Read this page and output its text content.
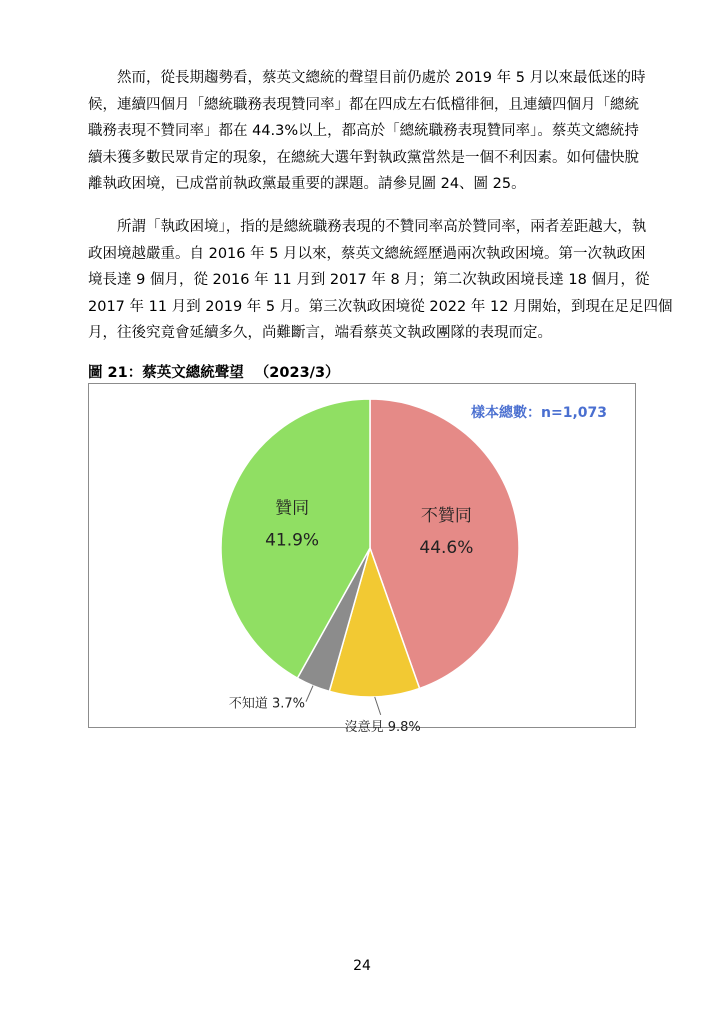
然而，從長期趨勢看，蔡英文總統的聲望目前仍處於 2019 年 5 月以來最低迷的時
候，連續四個月「總統職務表現贊同率」都在四成左右低檔徘徊，且連續四個月「總統
職務表現不贊同率」都在 44.3%以上，都高於「總統職務表現贊同率」。蔡英文總統持
續未獲多數民眾肯定的現象，在總統大選年對執政黨當然是一個不利因素。如何儘快脫
離執政困境，已成當前執政黨最重要的課題。請參見圖 24、圖 25。
所謂「執政困境」，指的是總統職務表現的不贊同率高於贊同率，兩者差距越大，執
政困境越嚴重。自 2016 年 5 月以來，蔡英文總統經歷過兩次執政困境。第一次執政困
境長達 9 個月，從 2016 年 11 月到 2017 年 8 月；第二次執政困境長達 18 個月，從
2017 年 11 月到 2019 年 5 月。第三次執政困境從 2022 年 12 月開始，到現在足足四個
月，往後究竟會延續多久，尚難斷言，端看蔡英文執政團隊的表現而定。
圖 21：蔡英文總統聲望 （2023/3）
不贊同
44.6%
沒意見 9.8%
不知道 3.7%
贊同
41.9%
樣本總數：n=1,073
24
